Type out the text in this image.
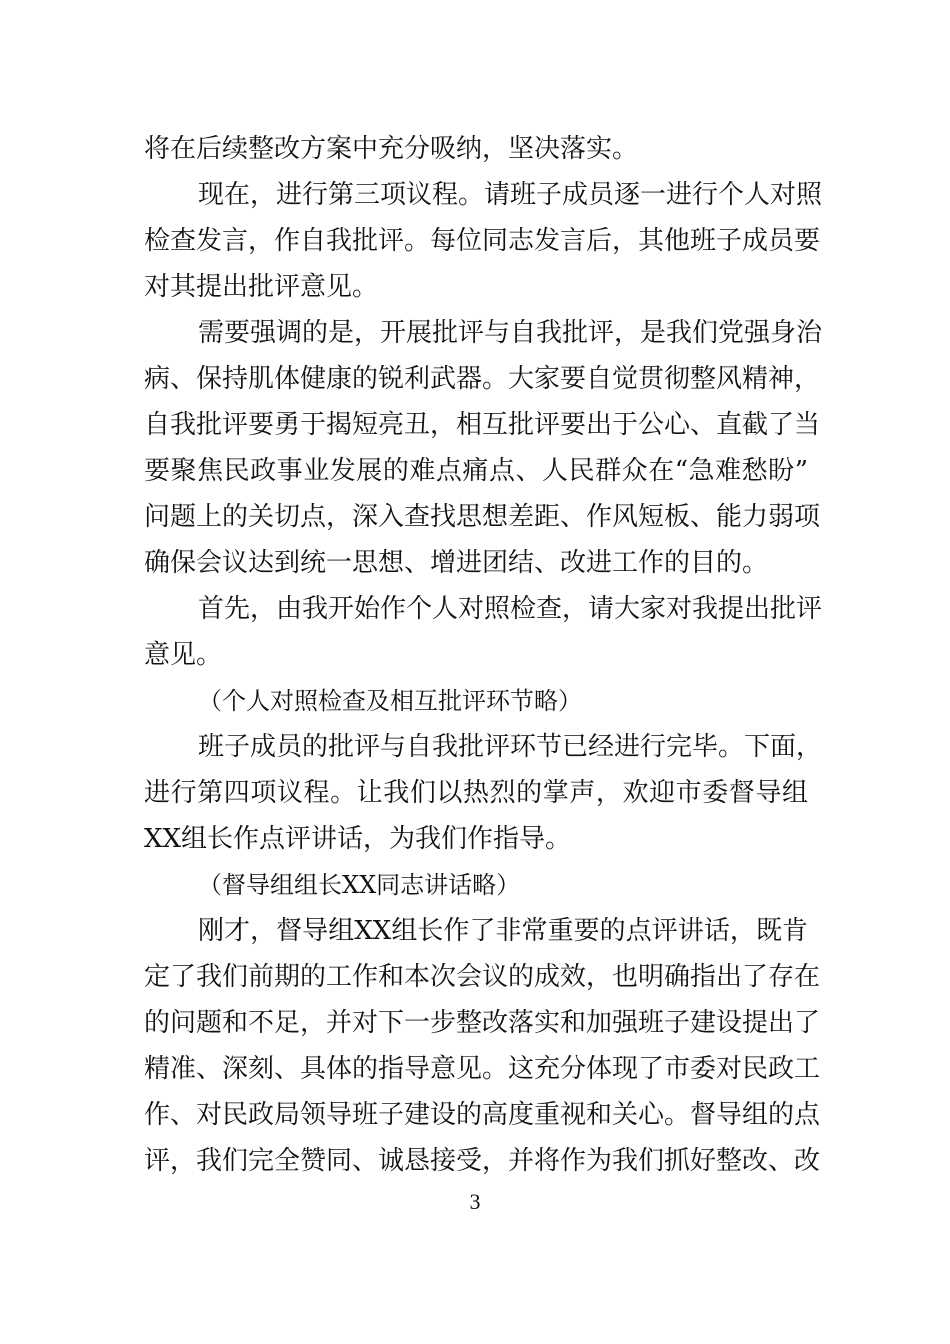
将在后续整改方案中充分吸纳，坚决落实。
现在，进行第三项议程。请班子成员逐一进行个人对照
检查发言，作自我批评。每位同志发言后，其他班子成员要
对其提出批评意见。
需要强调的是，开展批评与自我批评，是我们党强身治
病、保持肌体健康的锐利武器。大家要自觉贯彻整风精神，
自我批评要勇于揭短亮丑，相互批评要出于公心、直截了当
要聚焦民政事业发展的难点痛点、人民群众在“急难愁盼”
问题上的关切点，深入查找思想差距、作风短板、能力弱项
确保会议达到统一思想、增进团结、改进工作的目的。
首先，由我开始作个人对照检查，请大家对我提出批评
意见。
（个人对照检查及相互批评环节略）
班子成员的批评与自我批评环节已经进行完毕。下面，
进行第四项议程。让我们以热烈的掌声，欢迎市委督导组
XX组长作点评讲话，为我们作指导。
（督导组组长XX同志讲话略）
刚才，督导组XX组长作了非常重要的点评讲话，既肯
定了我们前期的工作和本次会议的成效，也明确指出了存在
的问题和不足，并对下一步整改落实和加强班子建设提出了
精准、深刻、具体的指导意见。这充分体现了市委对民政工
作、对民政局领导班子建设的高度重视和关心。督导组的点
评，我们完全赞同、诚恳接受，并将作为我们抓好整改、改
3
